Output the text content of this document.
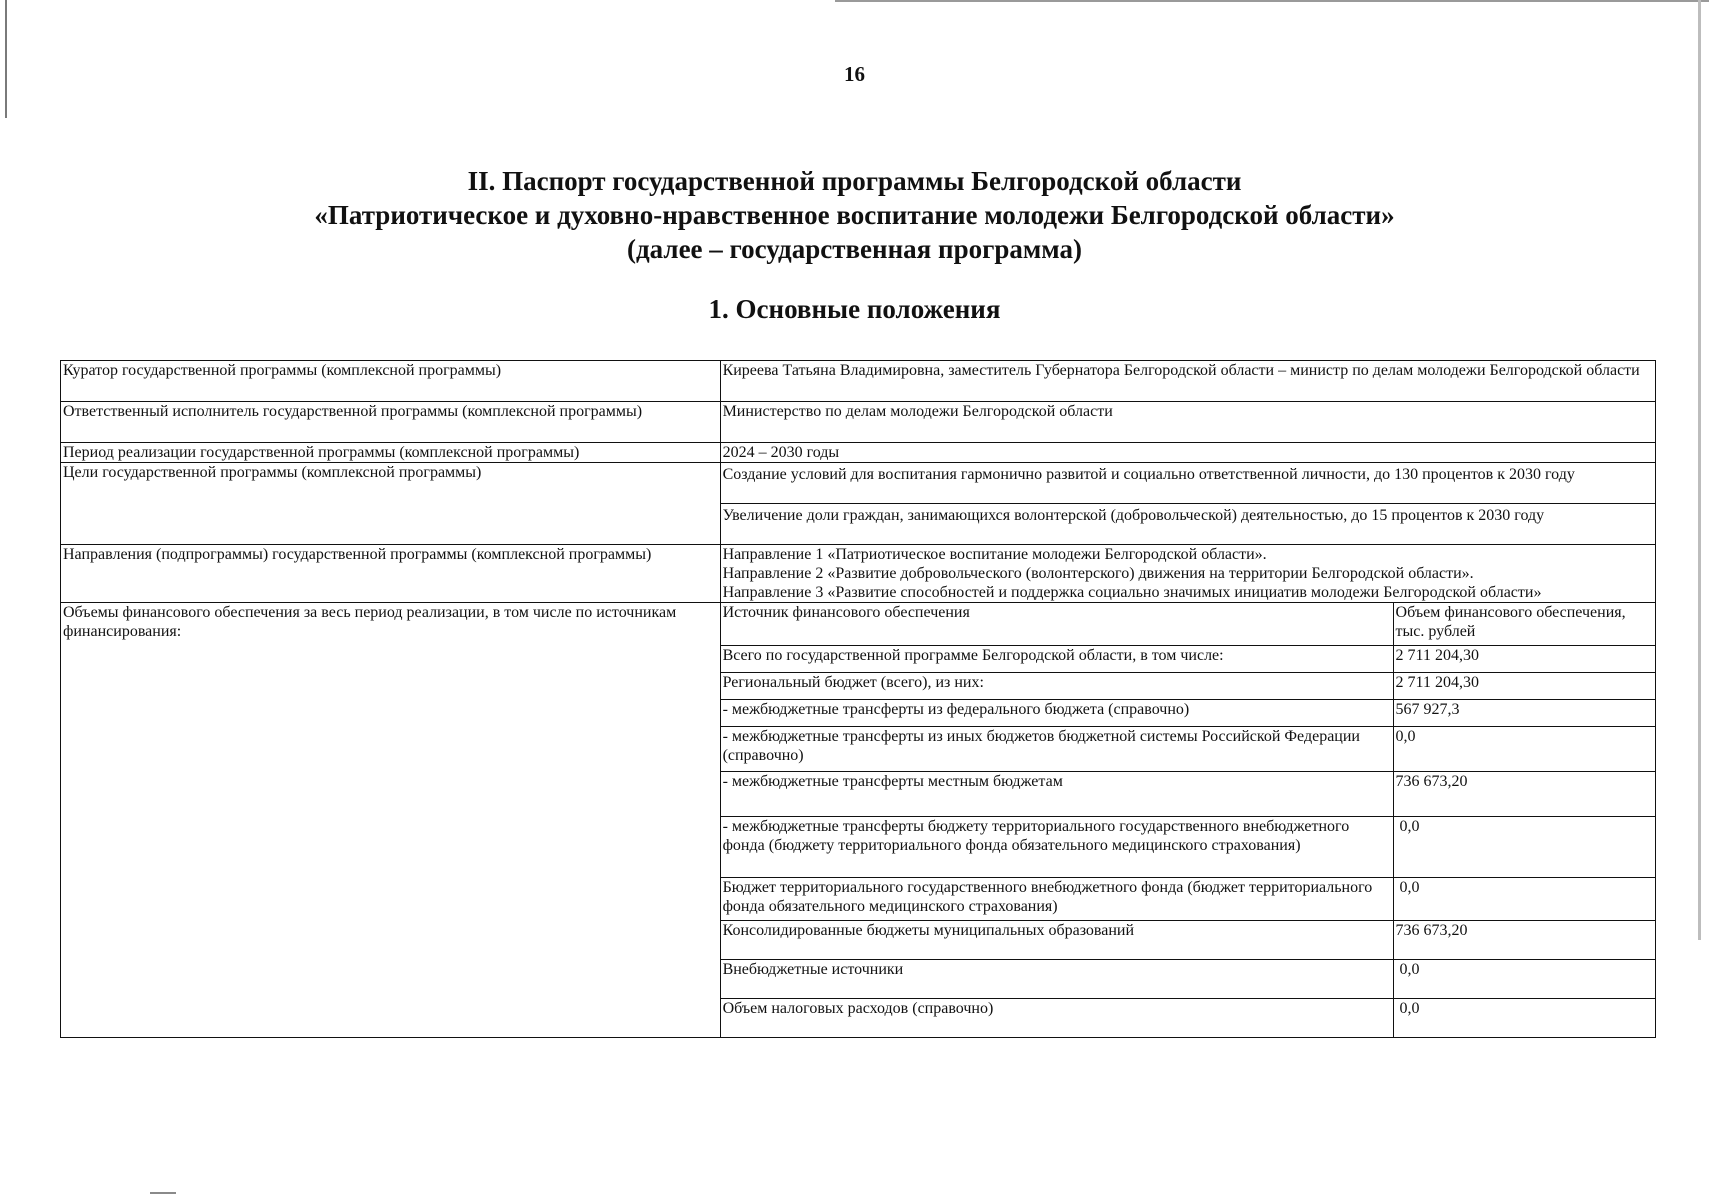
16
II. Паспорт государственной программы Белгородской области
«Патриотическое и духовно-нравственное воспитание молодежи Белгородской области»
(далее – государственная программа)
1. Основные положения
Куратор государственной программы (комплексной программы)	Киреева Татьяна Владимировна, заместитель Губернатора Белгородской области – министр по делам молодежи Белгородской области
Ответственный исполнитель государственной программы (комплексной программы)	Министерство по делам молодежи Белгородской области
Период реализации государственной программы (комплексной программы)	2024 – 2030 годы
Цели государственной программы (комплексной программы)	Создание условий для воспитания гармонично развитой и социально ответственной личности, до 130 процентов к 2030 году
Увеличение доли граждан, занимающихся волонтерской (добровольческой) деятельностью, до 15 процентов к 2030 году

Направления (подпрограммы) государственной программы (комплексной программы)	Направление 1 «Патриотическое воспитание молодежи Белгородской области».
Направление 2 «Развитие добровольческого (волонтерского) движения на территории Белгородской области».
Направление 3 «Развитие способностей и поддержка социально значимых инициатив молодежи Белгородской области»

Объемы финансового обеспечения за весь период реализации, в том числе по источникам финансирования:	
Источник финансового обеспечения	Объем финансового обеспечения, тыс. рублей
Всего по государственной программе Белгородской области, в том числе:	2 711 204,30
Региональный бюджет (всего), из них:	2 711 204,30
- межбюджетные трансферты из федерального бюджета (справочно)	567 927,3
- межбюджетные трансферты из иных бюджетов бюджетной системы Российской Федерации (справочно)	0,0
- межбюджетные трансферты местным бюджетам	736 673,20
- межбюджетные трансферты бюджету территориального государственного внебюджетного фонда (бюджету территориального фонда обязательного медицинского страхования)	0,0
Бюджет территориального государственного внебюджетного фонда (бюджет территориального фонда обязательного медицинского страхования)	0,0
Консолидированные бюджеты муниципальных образований	736 673,20
Внебюджетные источники	0,0
Объем налоговых расходов (справочно)	0,0
